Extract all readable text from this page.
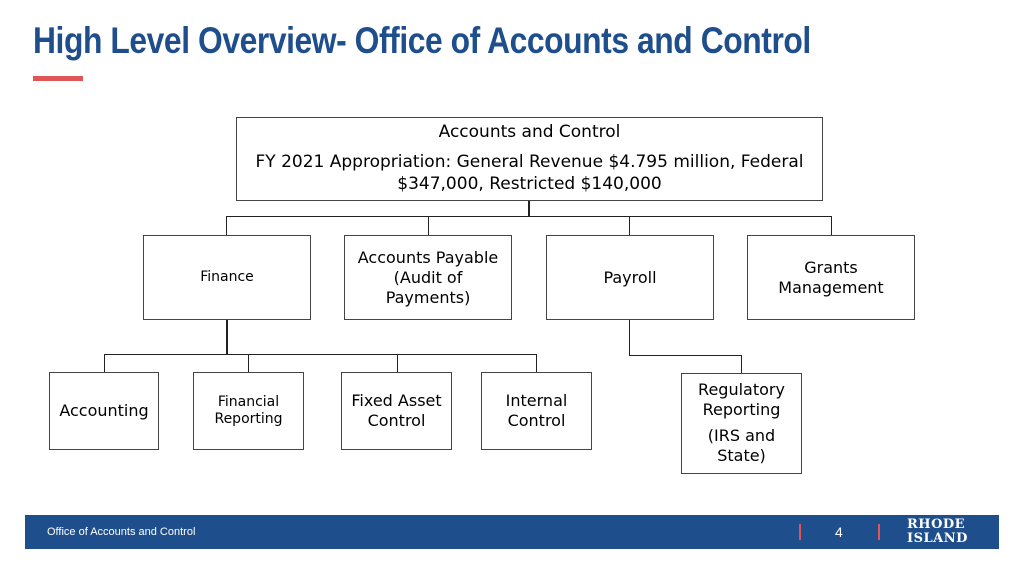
High Level Overview- Office of Accounts and Control
Accounts and Control
FY 2021 Appropriation: General Revenue $4.795 million, Federal $347,000, Restricted $140,000
Finance
Accounts Payable (Audit of Payments)
Payroll
Grants Management
Accounting	Financial Reporting
Fixed Asset Control
Internal Control
Regulatory Reporting
(IRS and State)
Office of Accounts and Control	4	RHODE
ISLAND
